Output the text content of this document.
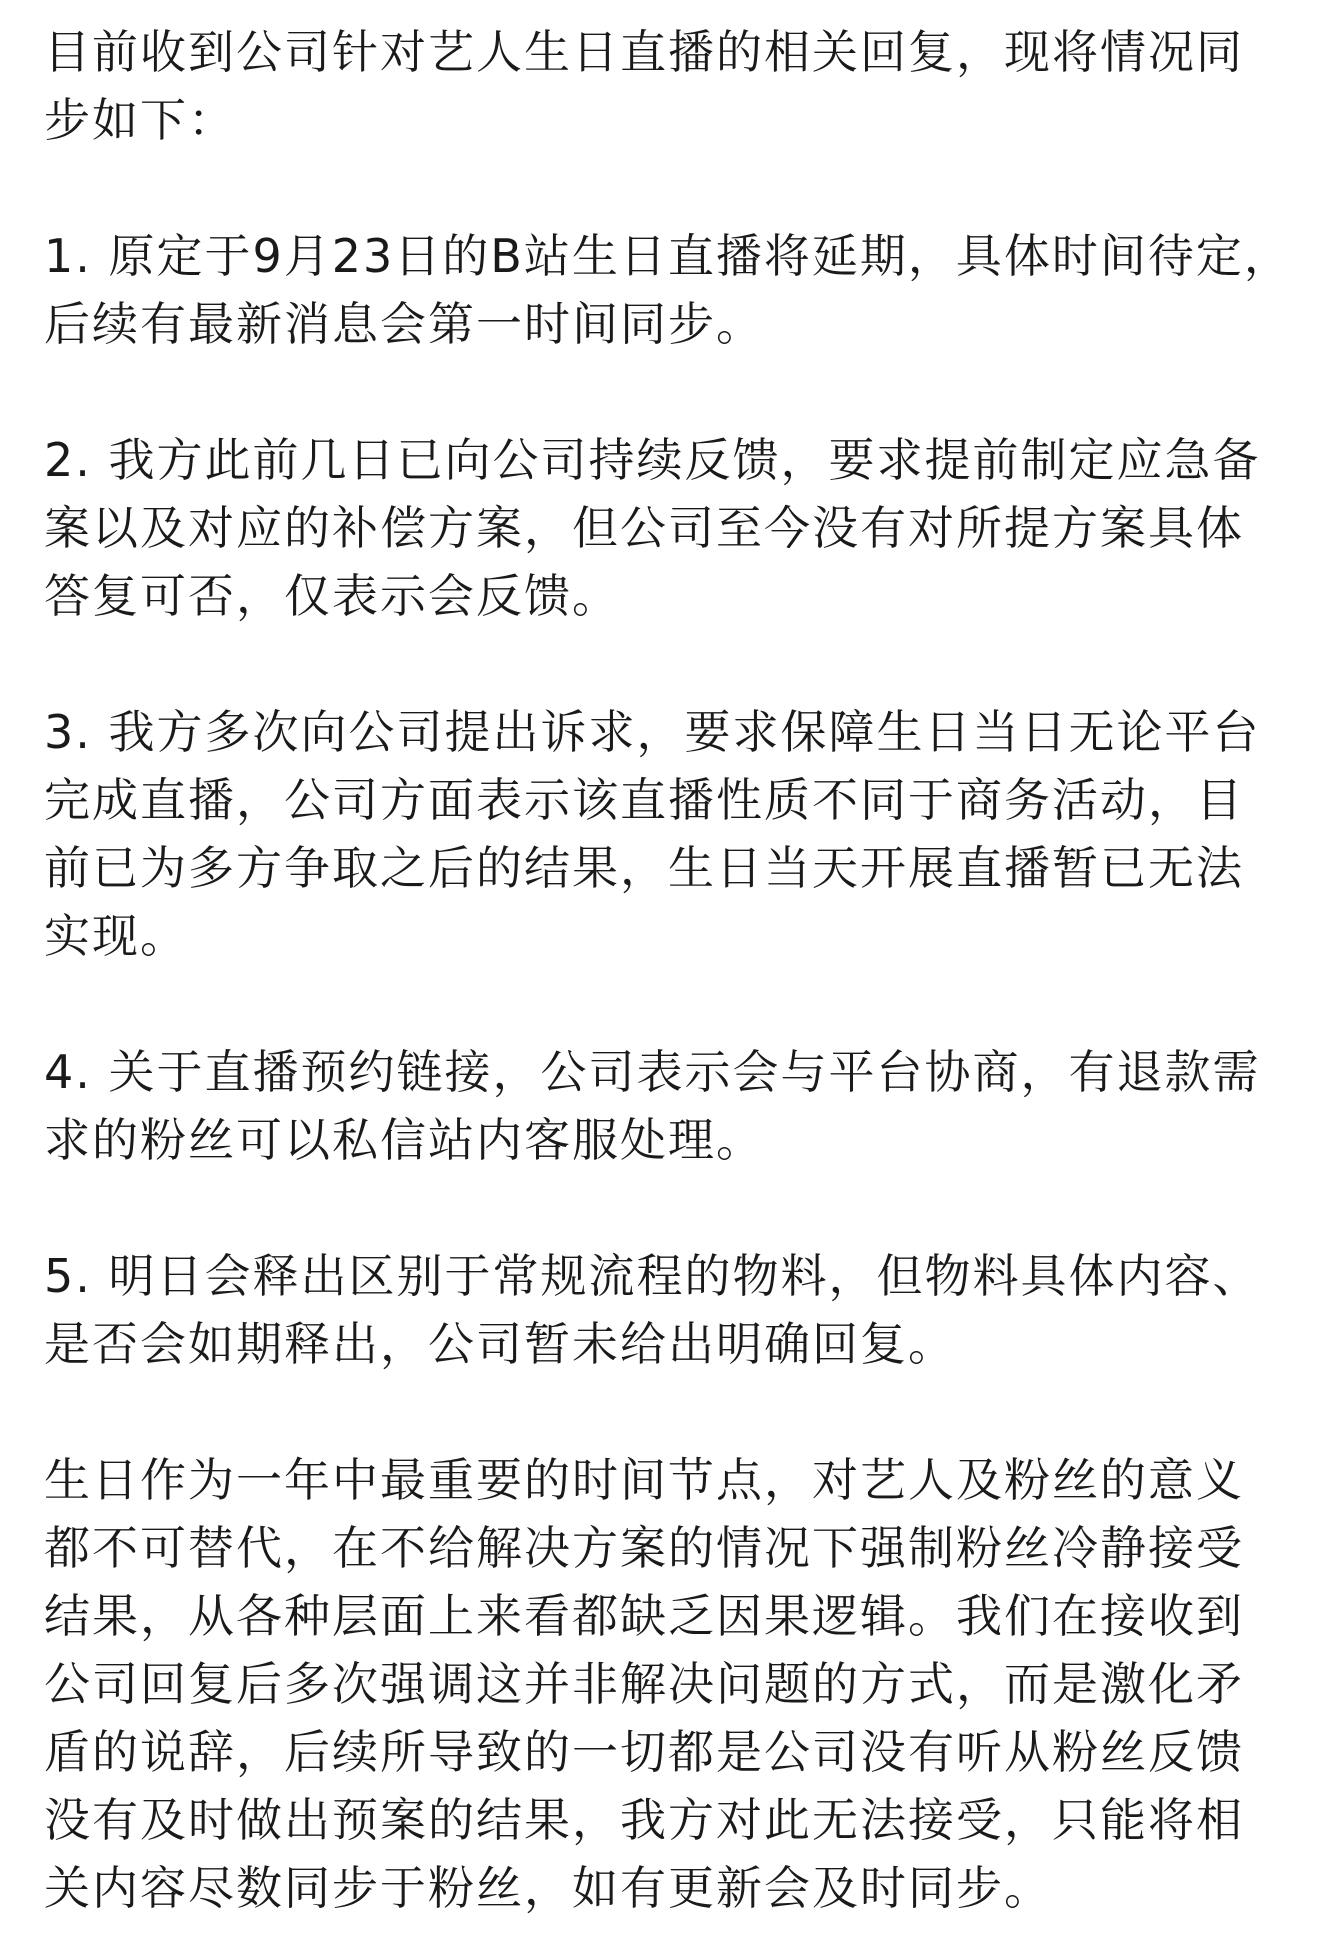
目前收到公司针对艺人生日直播的相关回复，现将情况同
步如下：

1. 原定于9月23日的B站生日直播将延期，具体时间待定，
后续有最新消息会第一时间同步。

2. 我方此前几日已向公司持续反馈，要求提前制定应急备
案以及对应的补偿方案，但公司至今没有对所提方案具体
答复可否，仅表示会反馈。

3. 我方多次向公司提出诉求，要求保障生日当日无论平台
完成直播，公司方面表示该直播性质不同于商务活动，目
前已为多方争取之后的结果，生日当天开展直播暂已无法
实现。

4. 关于直播预约链接，公司表示会与平台协商，有退款需
求的粉丝可以私信站内客服处理。

5. 明日会释出区别于常规流程的物料，但物料具体内容、
是否会如期释出，公司暂未给出明确回复。

生日作为一年中最重要的时间节点，对艺人及粉丝的意义
都不可替代，在不给解决方案的情况下强制粉丝冷静接受
结果，从各种层面上来看都缺乏因果逻辑。我们在接收到
公司回复后多次强调这并非解决问题的方式，而是激化矛
盾的说辞，后续所导致的一切都是公司没有听从粉丝反馈
没有及时做出预案的结果，我方对此无法接受，只能将相
关内容尽数同步于粉丝，如有更新会及时同步。
